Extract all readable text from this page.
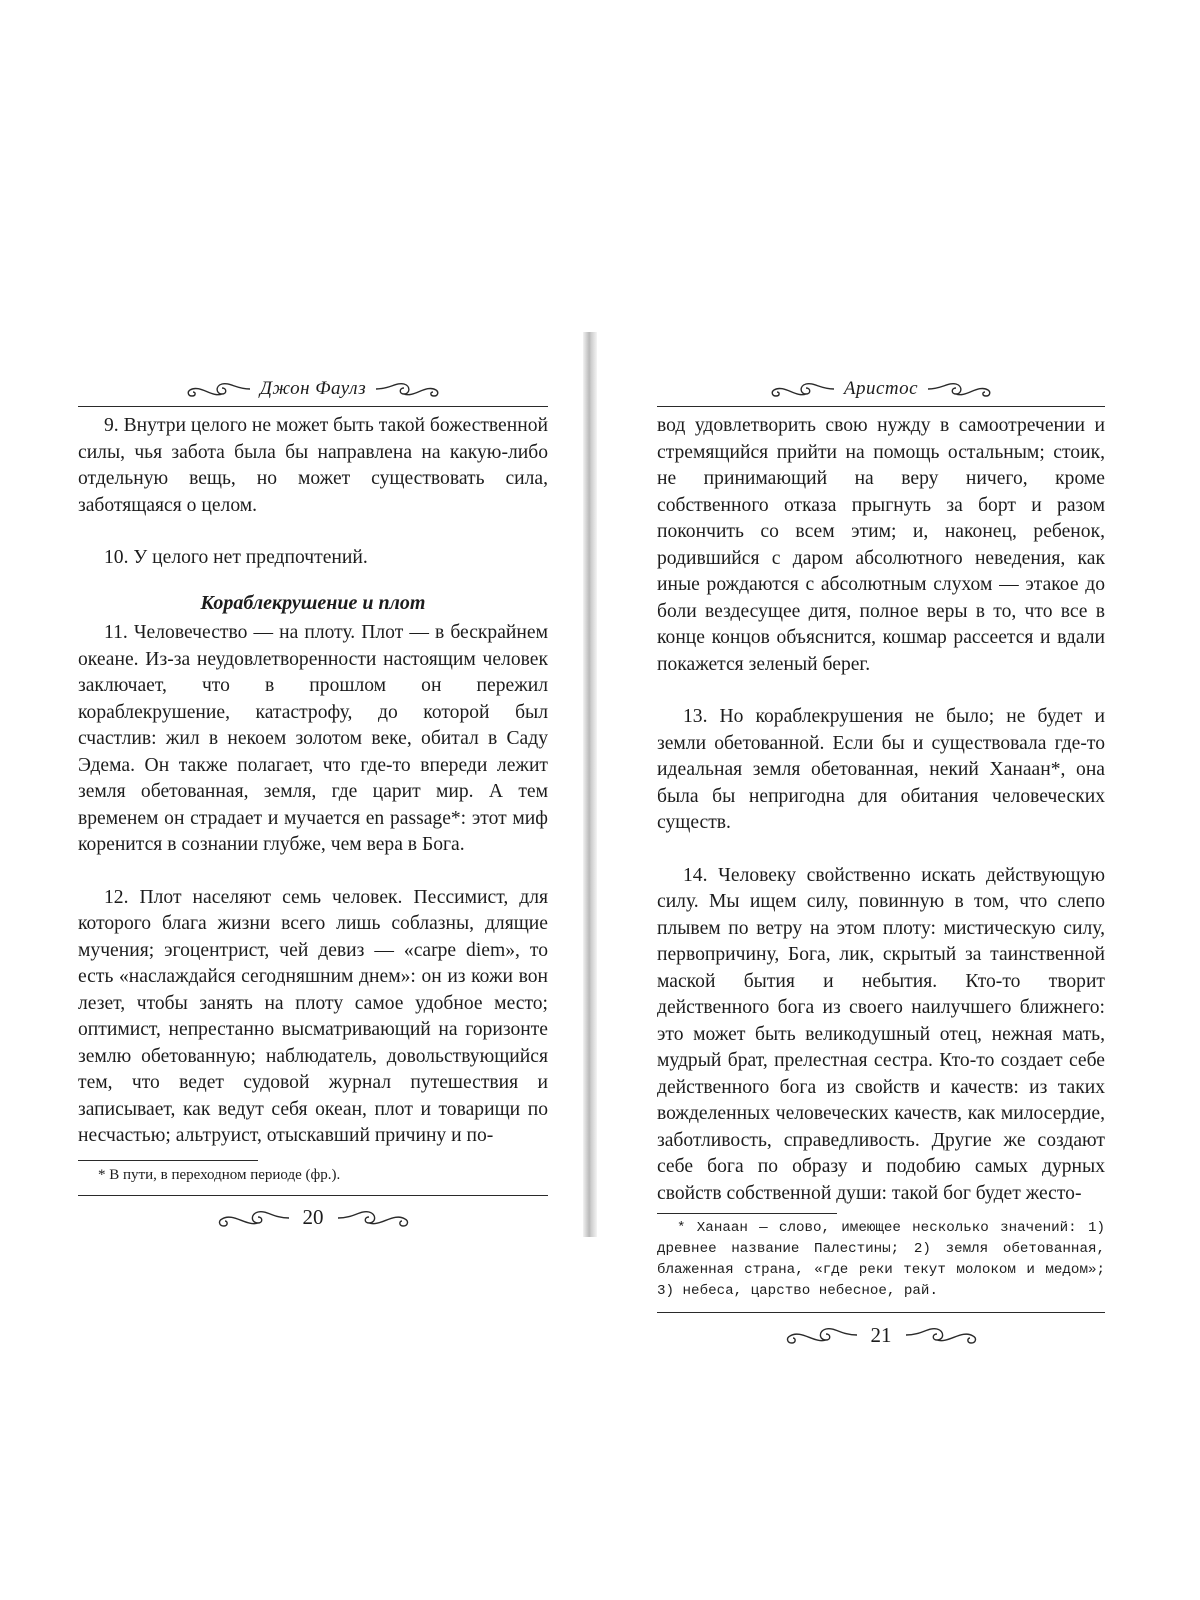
Джон Фаулз

9. Внутри целого не может быть такой божественной силы, чья забота была бы направлена на какую-либо отдельную вещь, но может существовать сила, заботящаяся о целом.

10. У целого нет предпочтений.

Кораблекрушение и плот

11. Человечество — на плоту. Плот — в бескрайнем океане. Из-за неудовлетворенности настоящим человек заключает, что в прошлом он пережил кораблекрушение, катастрофу, до которой был счастлив: жил в некоем золотом веке, обитал в Саду Эдема. Он также полагает, что где-то впереди лежит земля обетованная, земля, где царит мир. А тем временем он страдает и мучается en passage*: этот миф коренится в сознании глубже, чем вера в Бога.

12. Плот населяют семь человек. Пессимист, для которого блага жизни всего лишь соблазны, длящие мучения; эгоцентрист, чей девиз — «carpe diem», то есть «наслаждайся сегодняшним днем»: он из кожи вон лезет, чтобы занять на плоту самое удобное место; оптимист, непрестанно высматривающий на горизонте землю обетованную; наблюдатель, довольствующийся тем, что ведет судовой журнал путешествия и записывает, как ведут себя океан, плот и товарищи по несчастью; альтруист, отыскавший причину и по-

* В пути, в переходном периоде (фр.).

20
Аристос

вод удовлетворить свою нужду в самоотречении и стремящийся прийти на помощь остальным; стоик, не принимающий на веру ничего, кроме собственного отказа прыгнуть за борт и разом покончить со всем этим; и, наконец, ребенок, родившийся с даром абсолютного неведения, как иные рождаются с абсолютным слухом — этакое до боли вездесущее дитя, полное веры в то, что все в конце концов объяснится, кошмар рассеется и вдали покажется зеленый берег.

13. Но кораблекрушения не было; не будет и земли обетованной. Если бы и существовала где-то идеальная земля обетованная, некий Ханаан*, она была бы непригодна для обитания человеческих существ.

14. Человеку свойственно искать действующую силу. Мы ищем силу, повинную в том, что слепо плывем по ветру на этом плоту: мистическую силу, первопричину, Бога, лик, скрытый за таинственной маской бытия и небытия. Кто-то творит действенного бога из своего наилучшего ближнего: это может быть великодушный отец, нежная мать, мудрый брат, прелестная сестра. Кто-то создает себе действенного бога из свойств и качеств: из таких вожделенных человеческих качеств, как милосердие, заботливость, справедливость. Другие же создают себе бога по образу и подобию самых дурных свойств собственной души: такой бог будет жесто-

* Ханаан — слово, имеющее несколько значений: 1) древнее название Палестины; 2) земля обетованная, блаженная страна, «где реки текут молоком и медом»; 3) небеса, царство небесное, рай.

21
